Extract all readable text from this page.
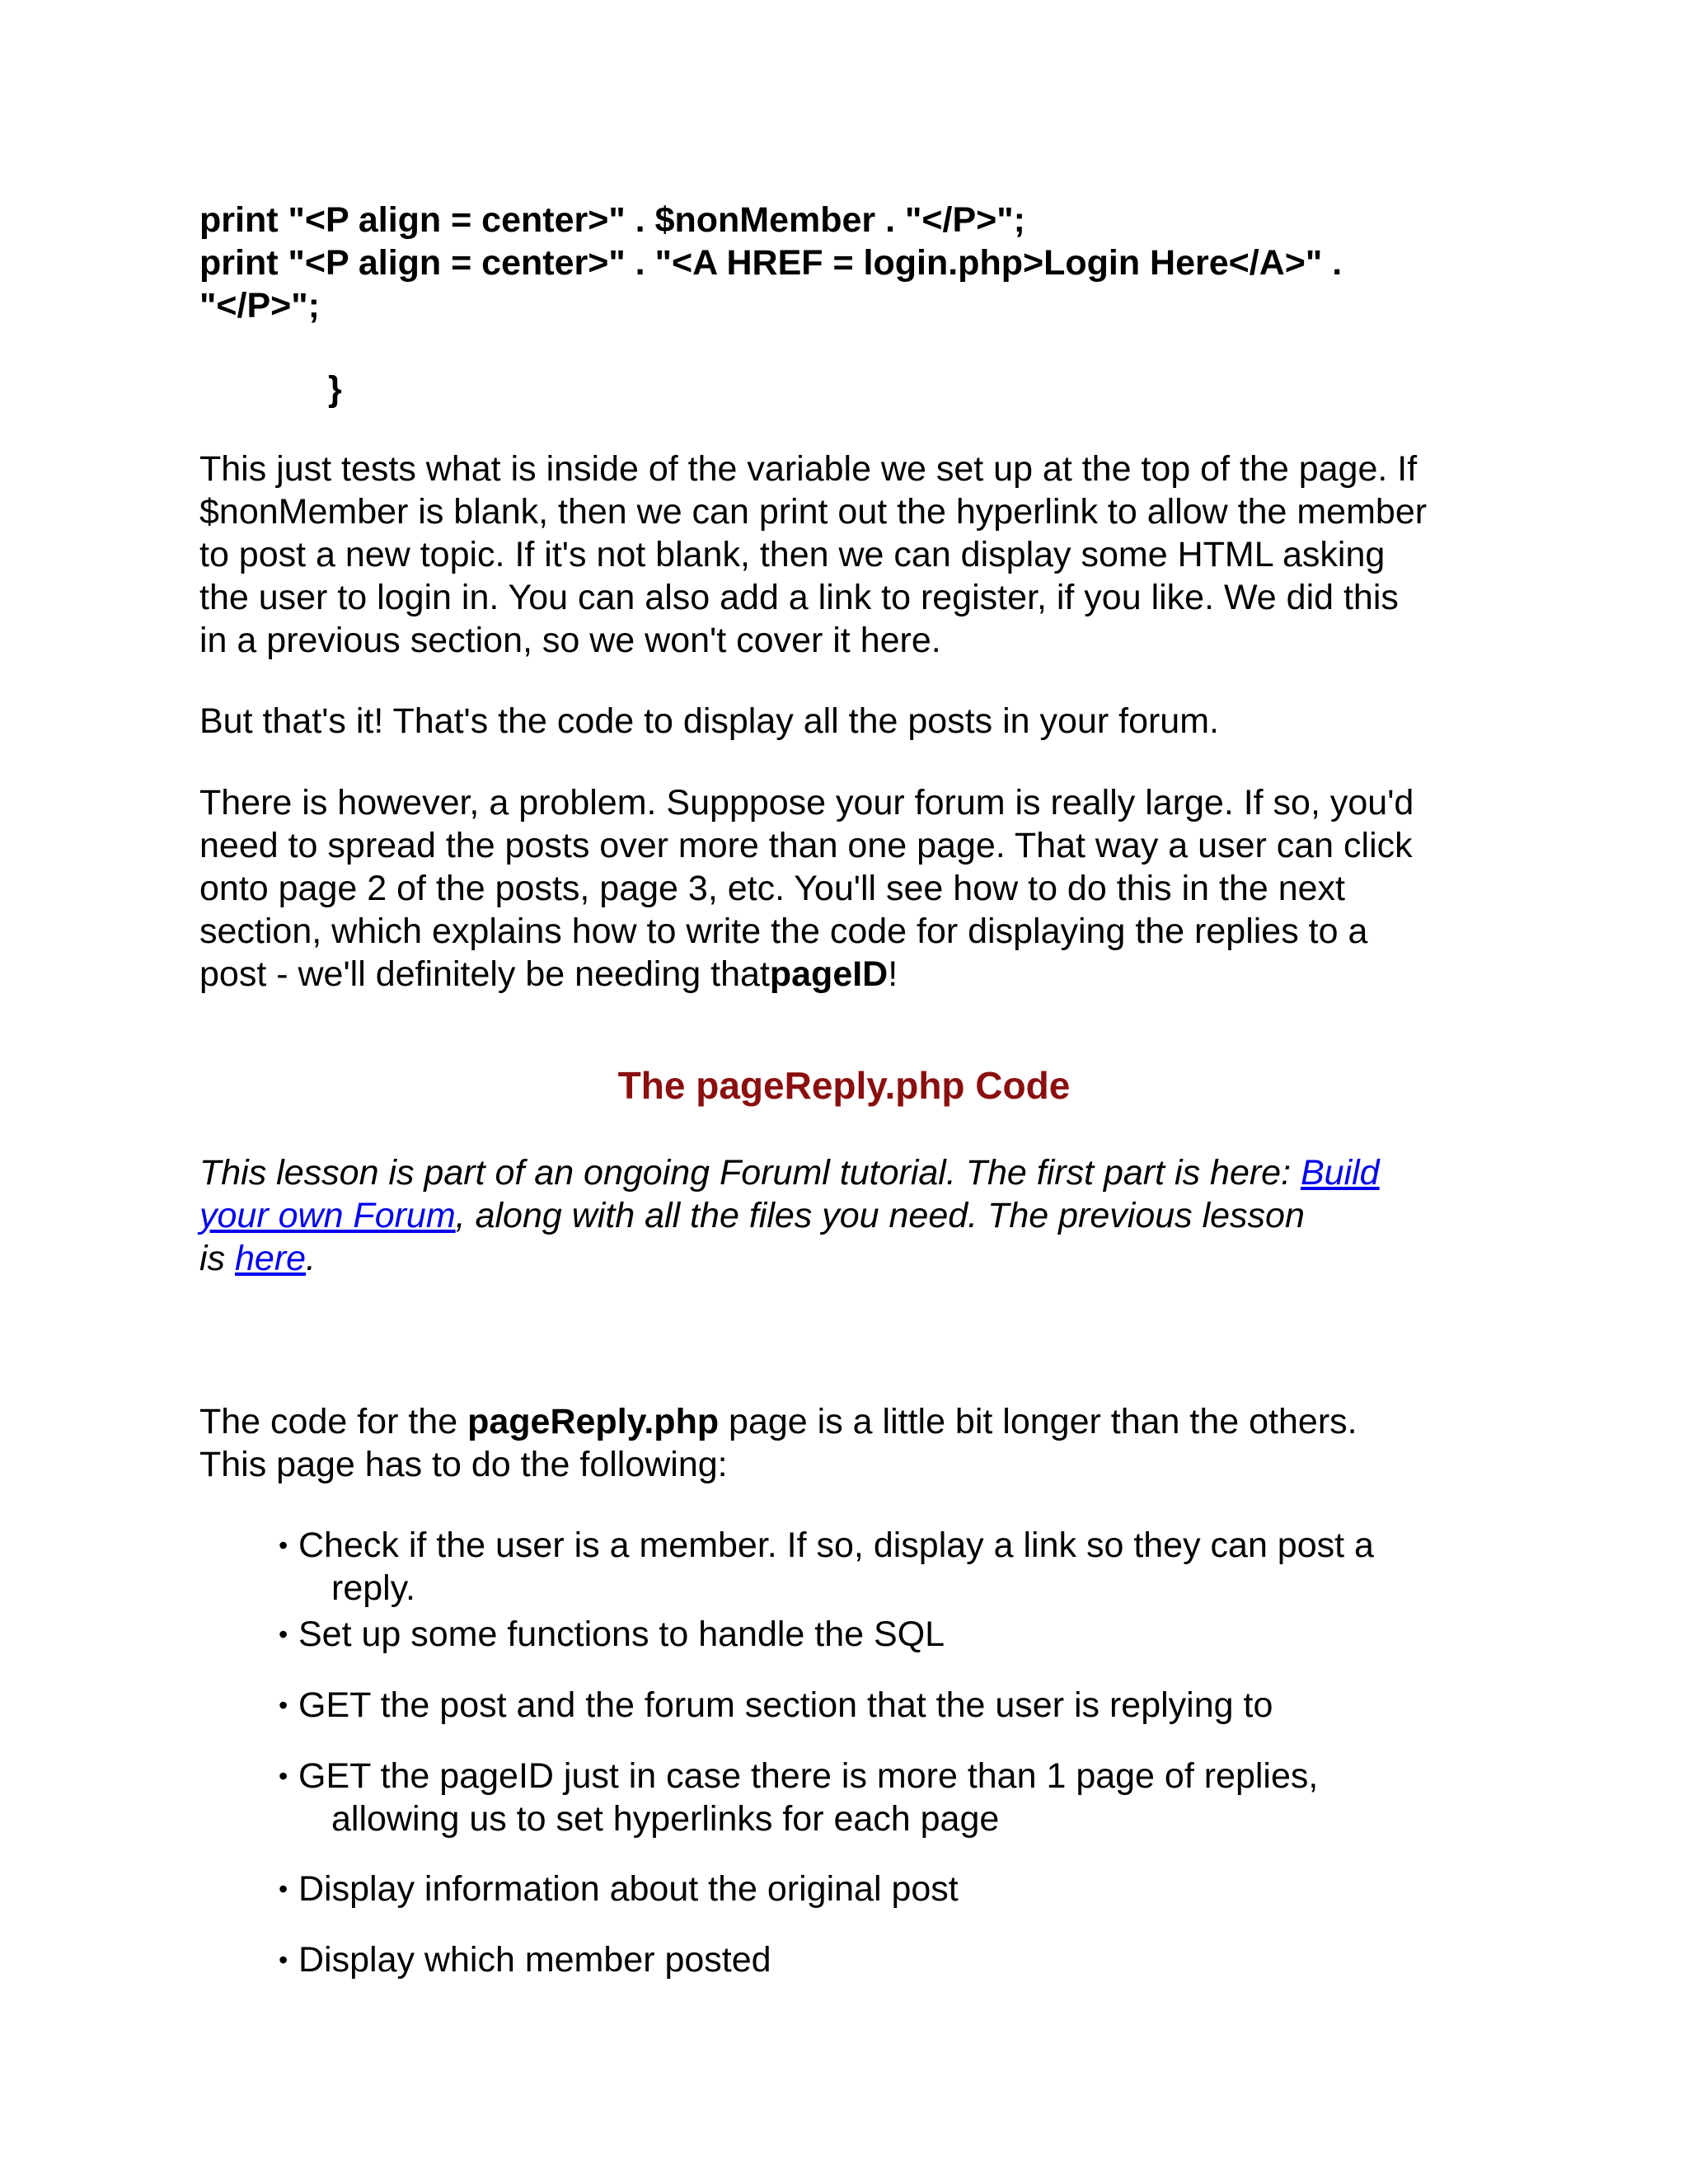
print "<P align = center>" . $nonMember . "</P>";
print "<P align = center>" . "<A HREF = login.php>Login Here</A>" .
"</P>";
}
This just tests what is inside of the variable we set up at the top of the page. If
$nonMember is blank, then we can print out the hyperlink to allow the member
to post a new topic. If it's not blank, then we can display some HTML asking
the user to login in. You can also add a link to register, if you like. We did this
in a previous section, so we won't cover it here.
But that's it! That's the code to display all the posts in your forum.
There is however, a problem. Supppose your forum is really large. If so, you'd
need to spread the posts over more than one page. That way a user can click
onto page 2 of the posts, page 3, etc. You'll see how to do this in the next
section, which explains how to write the code for displaying the replies to a
post - we'll definitely be needing thatpageID!
The pageReply.php Code
This lesson is part of an ongoing Foruml tutorial. The first part is here: Build
your own Forum, along with all the files you need. The previous lesson
is here.
The code for the pageReply.php page is a little bit longer than the others.
This page has to do the following:
• Check if the user is a member. If so, display a link so they can post a
reply.
• Set up some functions to handle the SQL
• GET the post and the forum section that the user is replying to
• GET the pageID just in case there is more than 1 page of replies,
allowing us to set hyperlinks for each page
• Display information about the original post
• Display which member posted
